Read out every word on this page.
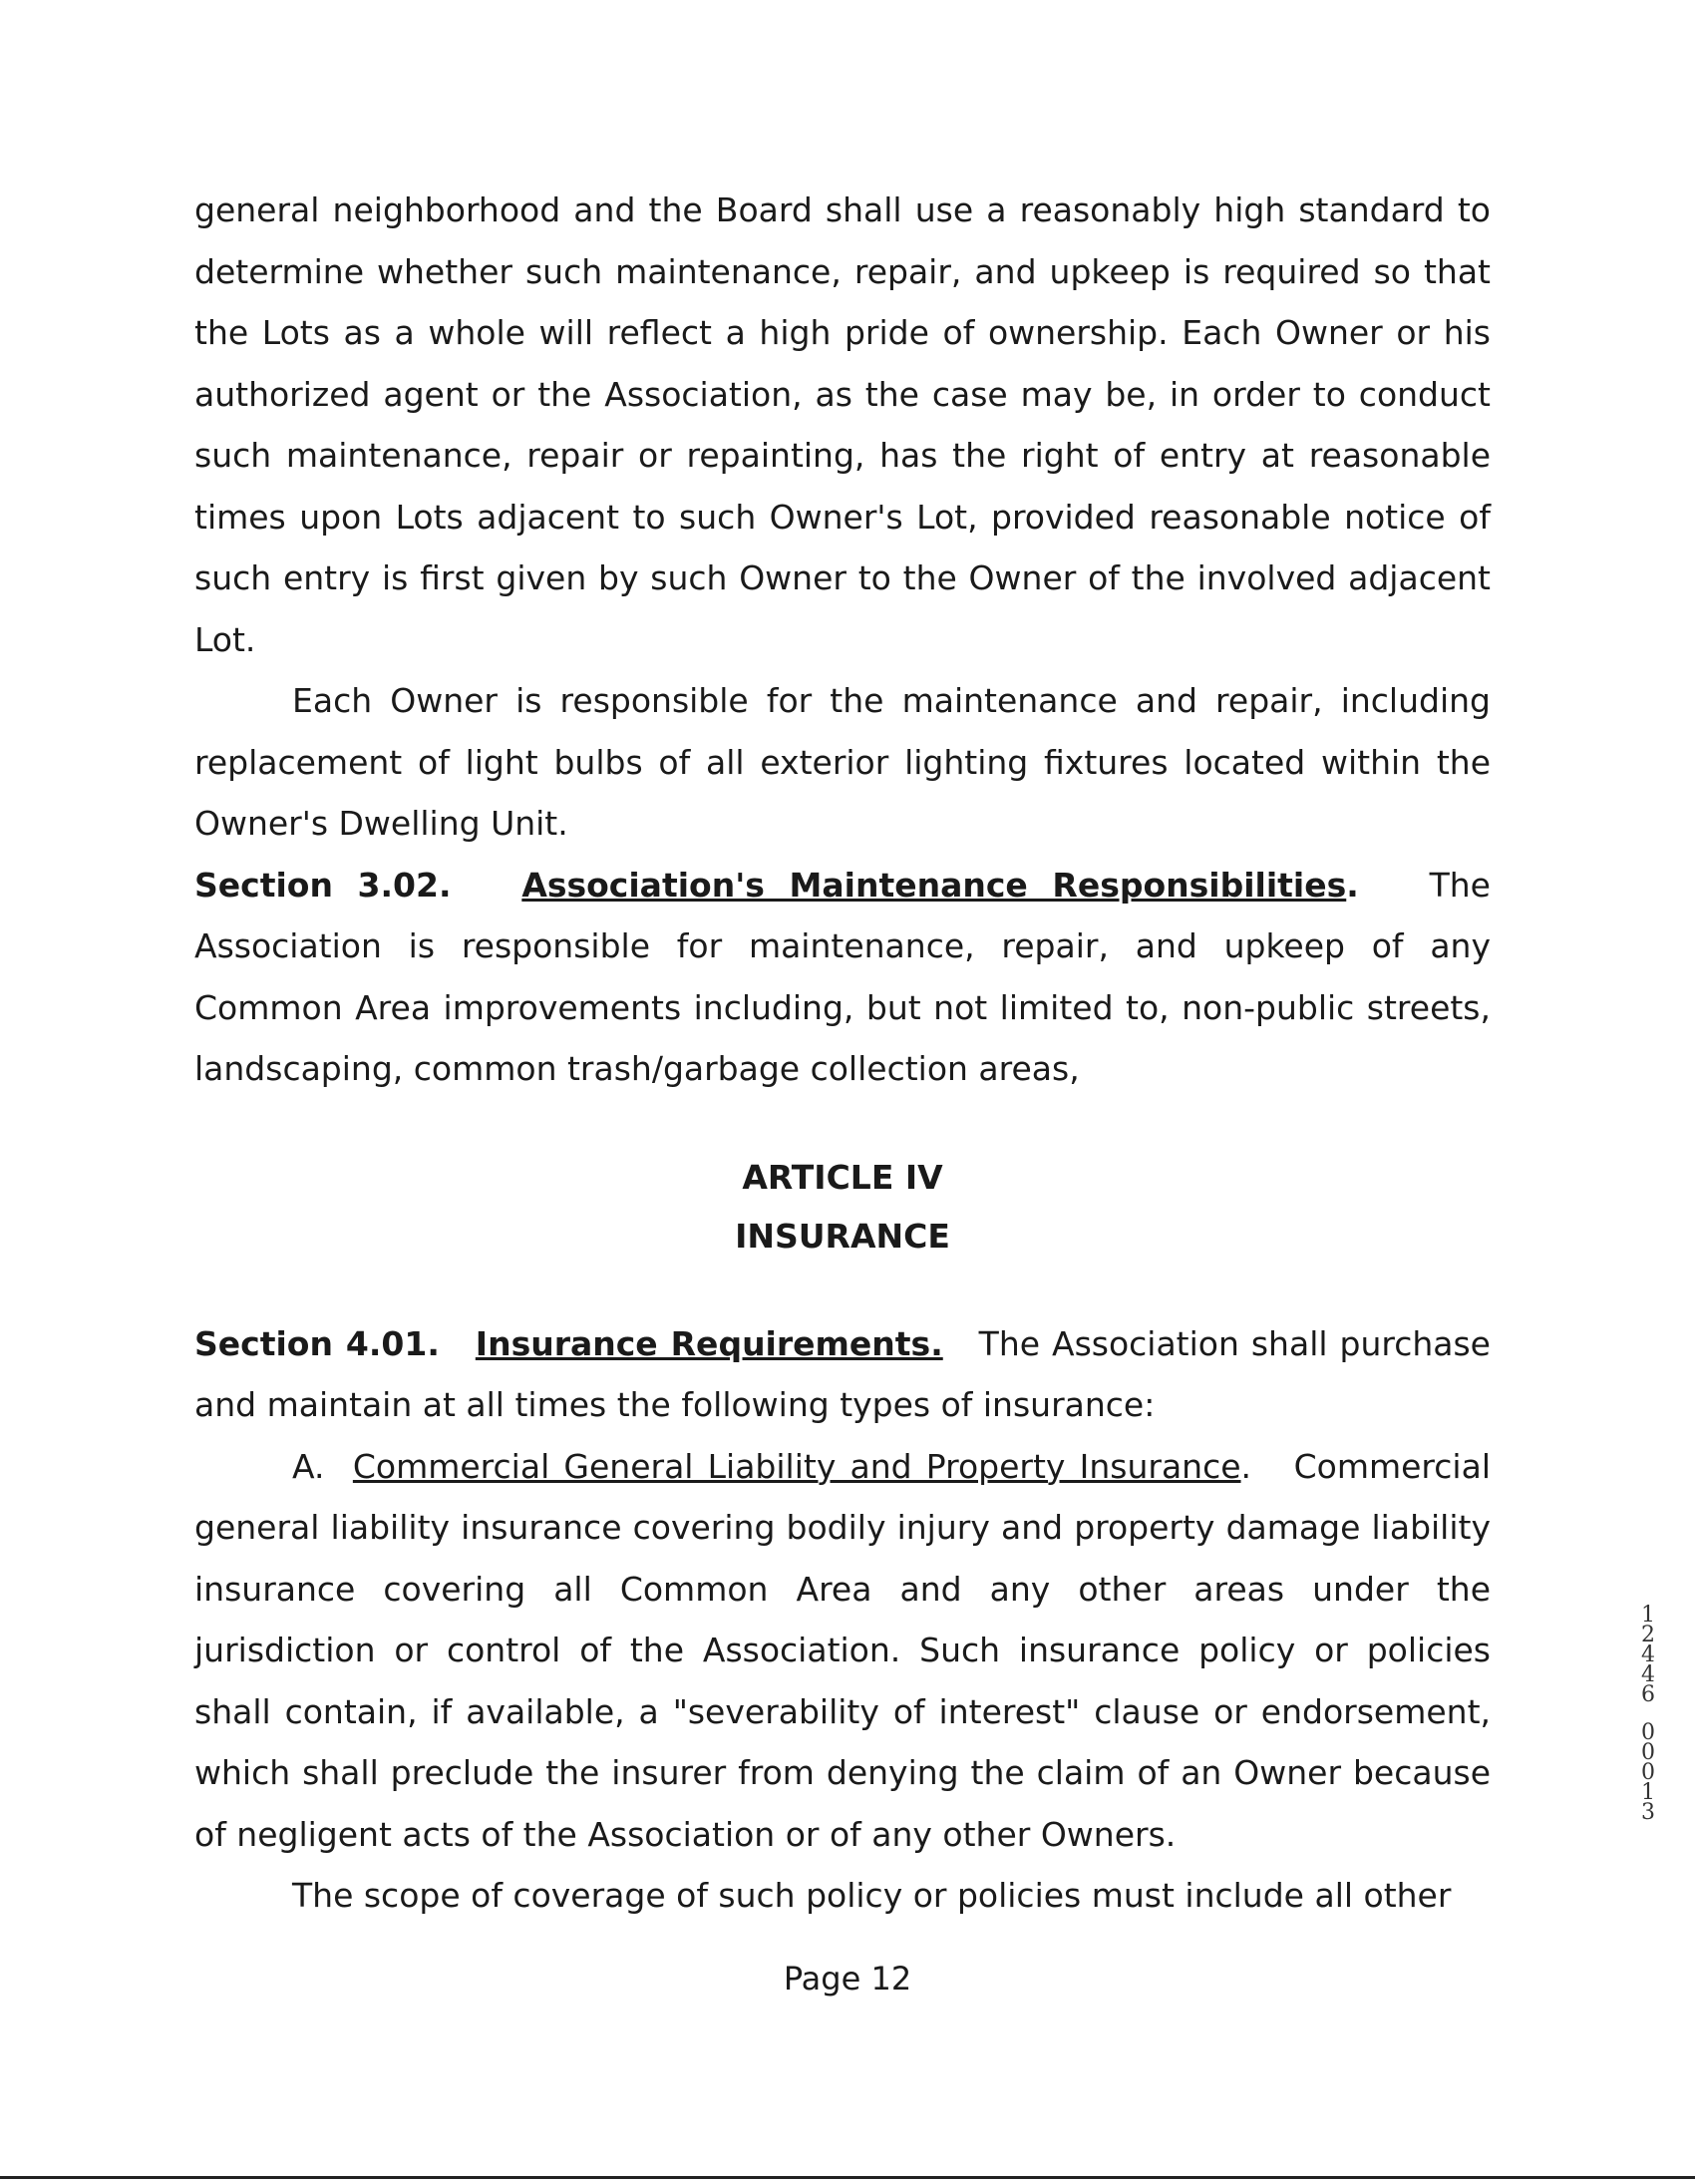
general neighborhood and the Board shall use a reasonably high standard to determine whether such maintenance, repair, and upkeep is required so that the Lots as a whole will reflect a high pride of ownership. Each Owner or his authorized agent or the Association, as the case may be, in order to conduct such maintenance, repair or repainting, has the right of entry at reasonable times upon Lots adjacent to such Owner's Lot, provided reasonable notice of such entry is first given by such Owner to the Owner of the involved adjacent Lot.

Each Owner is responsible for the maintenance and repair, including replacement of light bulbs of all exterior lighting fixtures located within the Owner's Dwelling Unit.

Section 3.02. Association's Maintenance Responsibilities. The Association is responsible for maintenance, repair, and upkeep of any Common Area improvements including, but not limited to, non-public streets, landscaping, common trash/garbage collection areas,

ARTICLE IV
INSURANCE

Section 4.01. Insurance Requirements. The Association shall purchase and maintain at all times the following types of insurance:

A. Commercial General Liability and Property Insurance. Commercial general liability insurance covering bodily injury and property damage liability insurance covering all Common Area and any other areas under the jurisdiction or control of the Association. Such insurance policy or policies shall contain, if available, a "severability of interest" clause or endorsement, which shall preclude the insurer from denying the claim of an Owner because of negligent acts of the Association or of any other Owners.

The scope of coverage of such policy or policies must include all other

Page 12
1
2
4
4
6
0
0
0
1
3
